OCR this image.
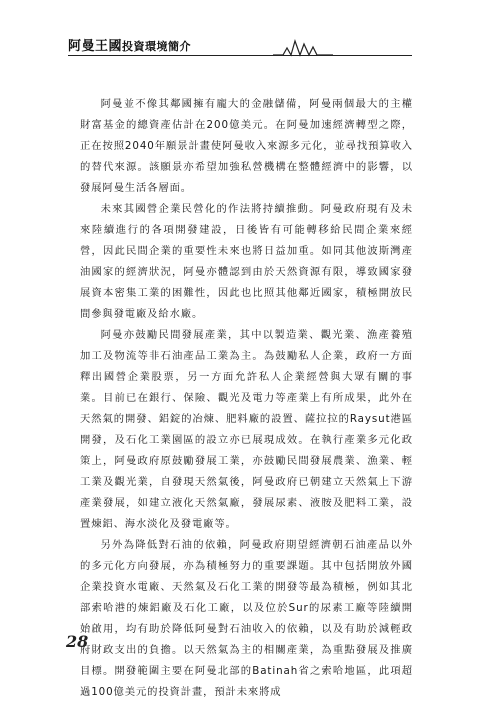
阿曼王國投資環境簡介

阿曼並不像其鄰國擁有龐大的金融儲備，阿曼兩個最大的主權財富基金的總資產估計在200億美元。在阿曼加速經濟轉型之際，正在按照2040年願景計畫使阿曼收入來源多元化，並尋找預算收入的替代來源。該願景亦希望加強私營機構在整體經濟中的影響，以發展阿曼生活各層面。

未來其國營企業民營化的作法將持續推動。阿曼政府現有及未來陸續進行的各項開發建設，日後皆有可能轉移給民間企業來經營，因此民間企業的重要性未來也將日益加重。如同其他波斯灣產油國家的經濟狀況，阿曼亦體認到由於天然資源有限，導致國家發展資本密集工業的困難性，因此也比照其他鄰近國家，積極開放民間參與發電廠及給水廠。

阿曼亦鼓勵民間發展產業，其中以製造業、觀光業、漁產養殖加工及物流等非石油產品工業為主。為鼓勵私人企業，政府一方面釋出國營企業股票，另一方面允許私人企業經營與大眾有關的事業。目前已在銀行、保險、觀光及電力等產業上有所成果，此外在天然氣的開發、鋁錠的冶煉、肥料廠的設置、薩拉拉的Raysut港區開發，及石化工業園區的設立亦已展現成效。在執行產業多元化政策上，阿曼政府原鼓勵發展工業，亦鼓勵民間發展農業、漁業、輕工業及觀光業，自發現天然氣後，阿曼政府已朝建立天然氣上下游產業發展，如建立液化天然氣廠，發展尿素、液胺及肥料工業，設置煉鋁、海水淡化及發電廠等。

另外為降低對石油的依賴，阿曼政府期望經濟朝石油產品以外的多元化方向發展，亦為積極努力的重要課題。其中包括開放外國企業投資水電廠、天然氣及石化工業的開發等最為積極，例如其北部索哈港的煉鋁廠及石化工廠，以及位於Sur的尿素工廠等陸續開始啟用，均有助於降低阿曼對石油收入的依賴，以及有助於減輕政府財政支出的負擔。以天然氣為主的相關產業，為重點發展及推廣目標。開發範圍主要在阿曼北部的Batinah省之索哈地區，此項超過100億美元的投資計畫，預計未來將成

28
